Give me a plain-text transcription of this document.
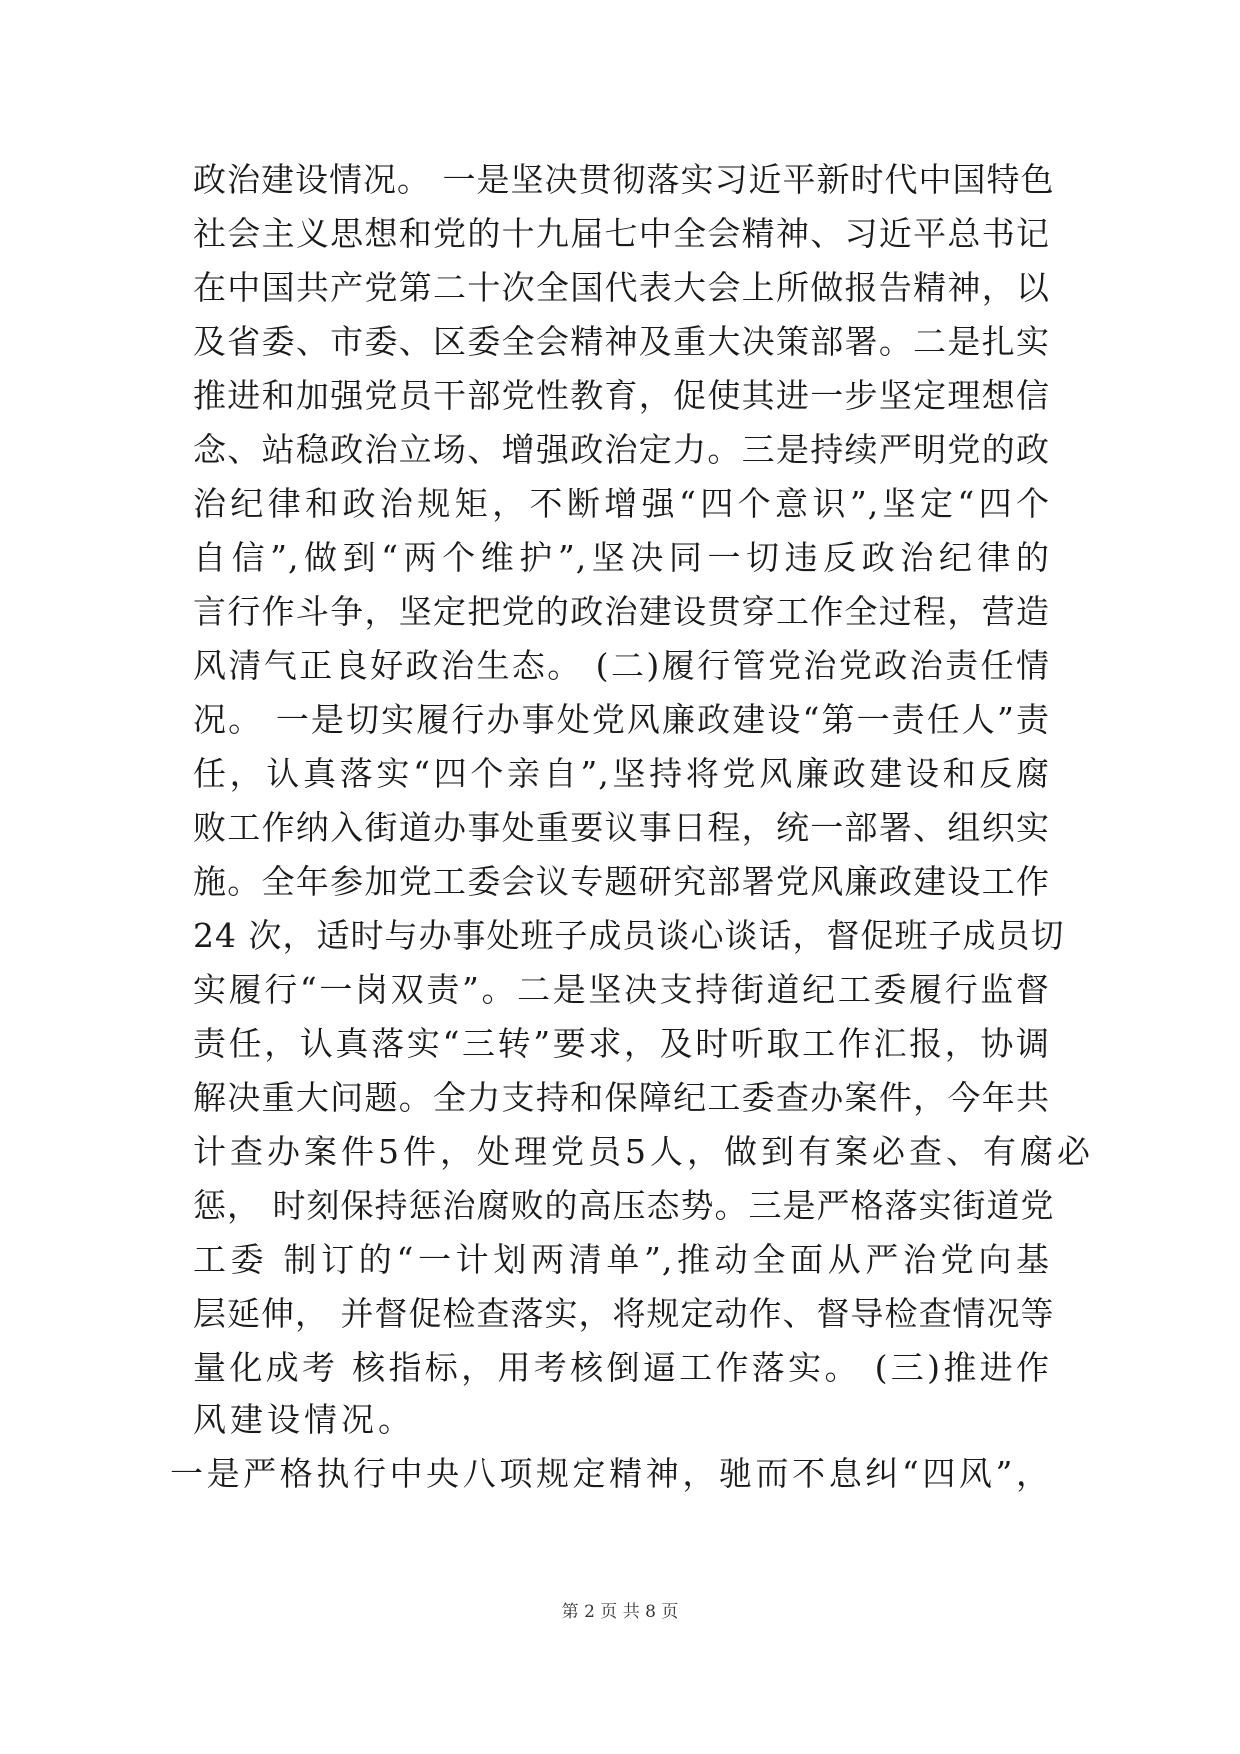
政治建设情况。 一是坚决贯彻落实习近平新时代中国特色
社会主义思想和党的十九届七中全会精神、习近平总书记
在中国共产党第二十次全国代表大会上所做报告精神，以
及省委、市委、区委全会精神及重大决策部署。二是扎实
推进和加强党员干部党性教育，促使其进一步坚定理想信
念、站稳政治立场、增强政治定力。三是持续严明党的政
治纪律和政治规矩，不断增强“四个意识”,坚定“四个
自信”,做到“两个维护”,坚决同一切违反政治纪律的
言行作斗争，坚定把党的政治建设贯穿工作全过程，营造
风清气正良好政治生态。 (二)履行管党治党政治责任情
况。 一是切实履行办事处党风廉政建设“第一责任人”责
任，认真落实“四个亲自”,坚持将党风廉政建设和反腐
败工作纳入街道办事处重要议事日程，统一部署、组织实
施。全年参加党工委会议专题研究部署党风廉政建设工作
24 次，适时与办事处班子成员谈心谈话，督促班子成员切
实履行“一岗双责”。二是坚决支持街道纪工委履行监督
责任，认真落实“三转”要求，及时听取工作汇报，协调
解决重大问题。全力支持和保障纪工委查办案件，今年共
计查办案件5件，处理党员5人，做到有案必查、有腐必
惩， 时刻保持惩治腐败的高压态势。三是严格落实街道党
工委 制订的“一计划两清单”,推动全面从严治党向基
层延伸， 并督促检查落实，将规定动作、督导检查情况等
量化成考 核指标，用考核倒逼工作落实。 (三)推进作
风建设情况。
一是严格执行中央八项规定精神，驰而不息纠“四风”，
第 2 页 共 8 页
